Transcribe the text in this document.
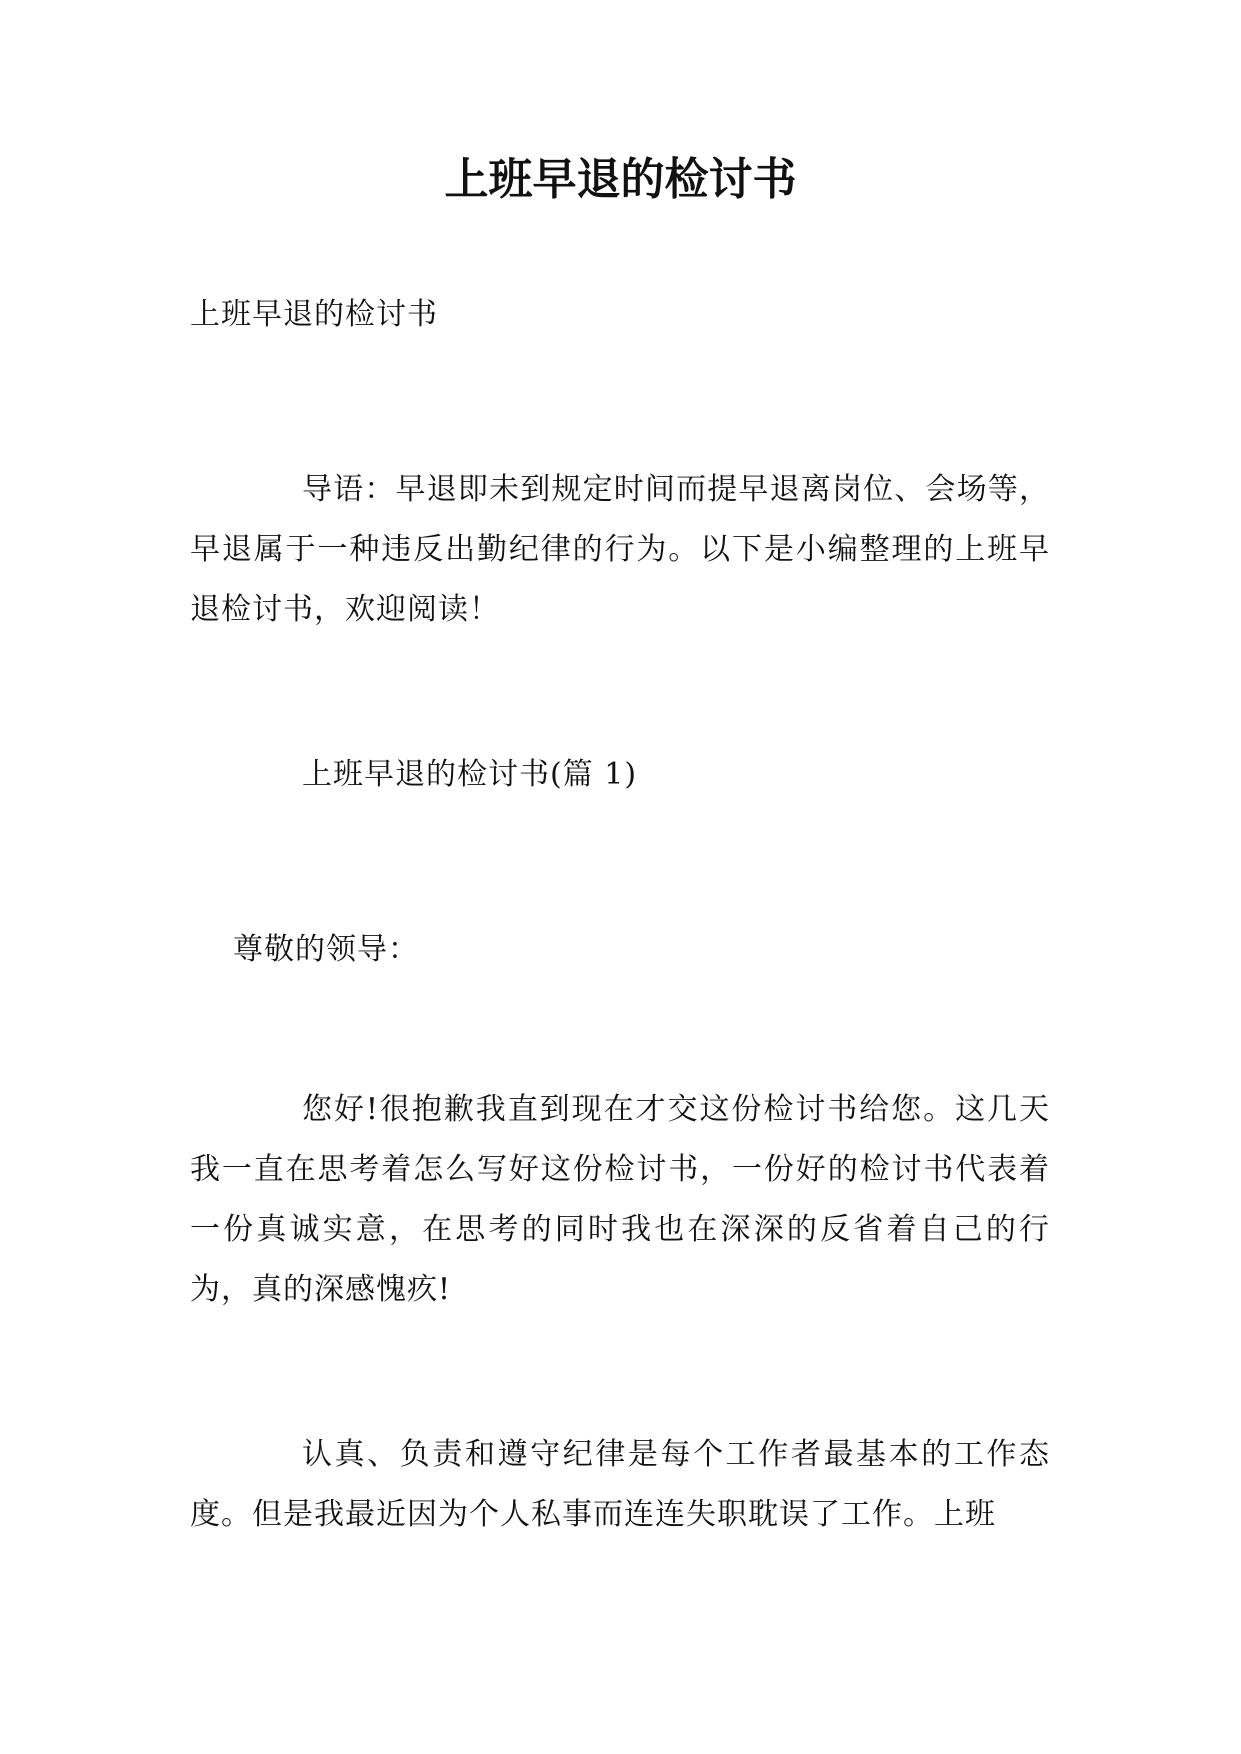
上班早退的检讨书

上班早退的检讨书

导语：早退即未到规定时间而提早退离岗位、会场等，早退属于一种违反出勤纪律的行为。以下是小编整理的上班早退检讨书，欢迎阅读！

上班早退的检讨书(篇 1)

尊敬的领导：

您好!很抱歉我直到现在才交这份检讨书给您。这几天我一直在思考着怎么写好这份检讨书，一份好的检讨书代表着一份真诚实意，在思考的同时我也在深深的反省着自己的行为，真的深感愧疚!

认真、负责和遵守纪律是每个工作者最基本的工作态度。但是我最近因为个人私事而连连失职耽误了工作。上班
